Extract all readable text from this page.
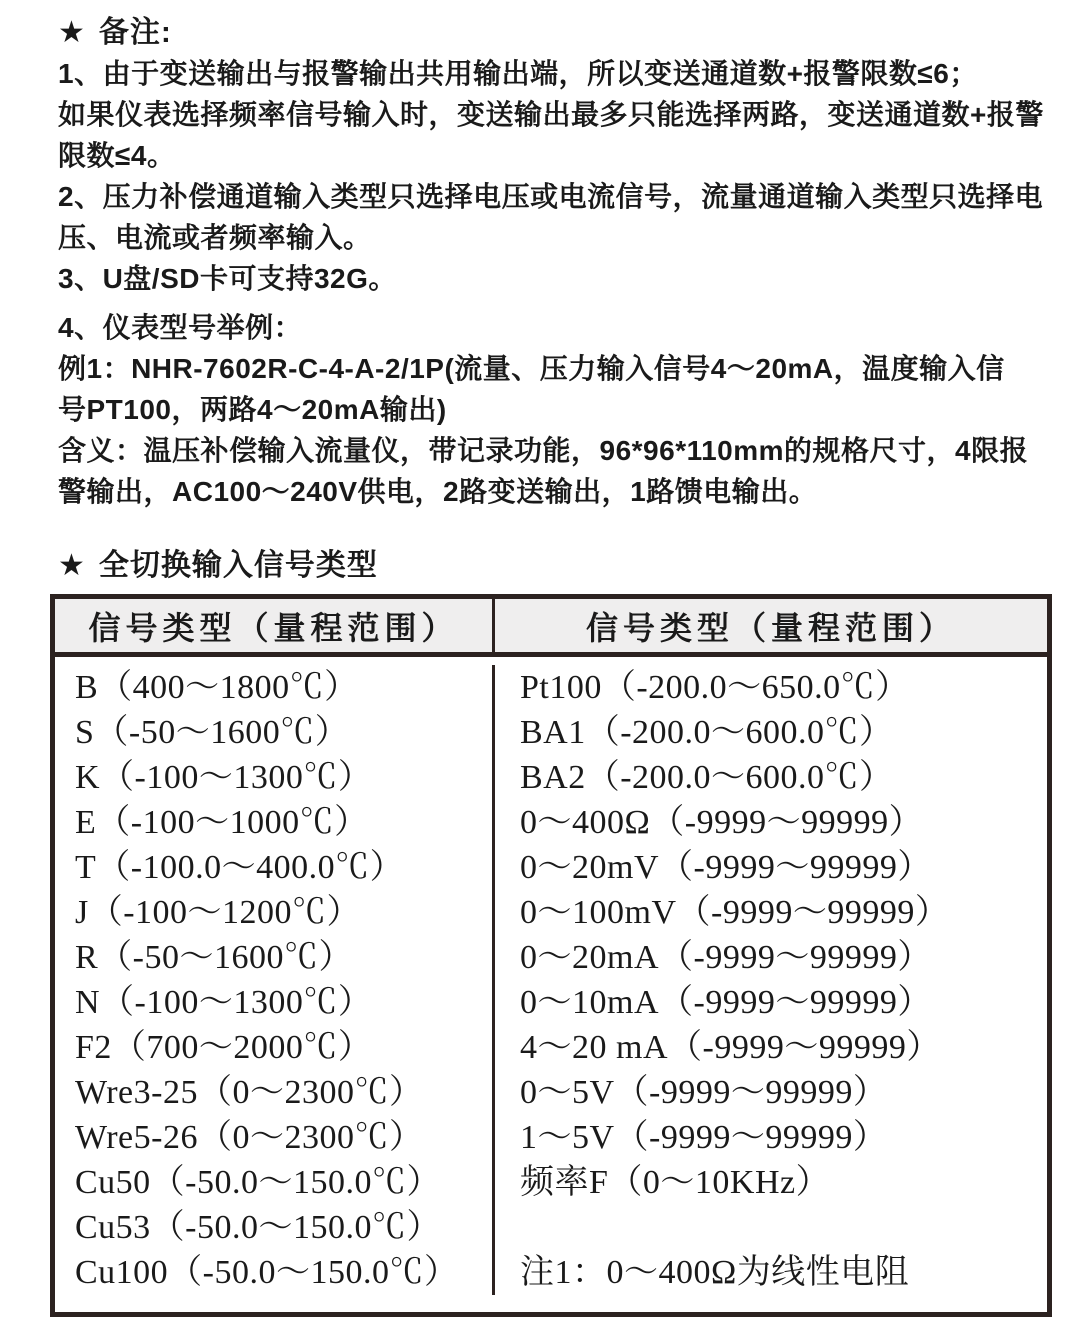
★ 备注:
1、由于变送输出与报警输出共用输出端，所以变送通道数+报警限数≤6；
如果仪表选择频率信号输入时，变送输出最多只能选择两路，变送通道数+报警
限数≤4。
2、压力补偿通道输入类型只选择电压或电流信号，流量通道输入类型只选择电
压、电流或者频率输入。
3、U盘/SD卡可支持32G。
4、仪表型号举例：
例1：NHR-7602R-C-4-A-2/1P(流量、压力输入信号4～20mA，温度输入信
号PT100，两路4～20mA输出)
含义：温压补偿输入流量仪，带记录功能，96*96*110mm的规格尺寸，4限报
警输出，AC100～240V供电，2路变送输出，1路馈电输出。
★ 全切换输入信号类型
信号类型（量程范围）	信号类型（量程范围）
B（400～1800℃）
S（-50～1600℃）
K（-100～1300℃）
E（-100～1000℃）
T（-100.0～400.0℃）
J（-100～1200℃）
R（-50～1600℃）
N（-100～1300℃）
F2（700～2000℃）
Wre3-25（0～2300℃）
Wre5-26（0～2300℃）
Cu50（-50.0～150.0℃）
Cu53（-50.0～150.0℃）
Cu100（-50.0～150.0℃）
Pt100（-200.0～650.0℃）
BA1（-200.0～600.0℃）
BA2（-200.0～600.0℃）
0～400Ω（-9999～99999）
0～20mV（-9999～99999）
0～100mV（-9999～99999）
0～20mA（-9999～99999）
0～10mA（-9999～99999）
4～20 mA（-9999～99999）
0～5V（-9999～99999）
1～5V（-9999～99999）
频率F（0～10KHz）
注1：0～400Ω为线性电阻
